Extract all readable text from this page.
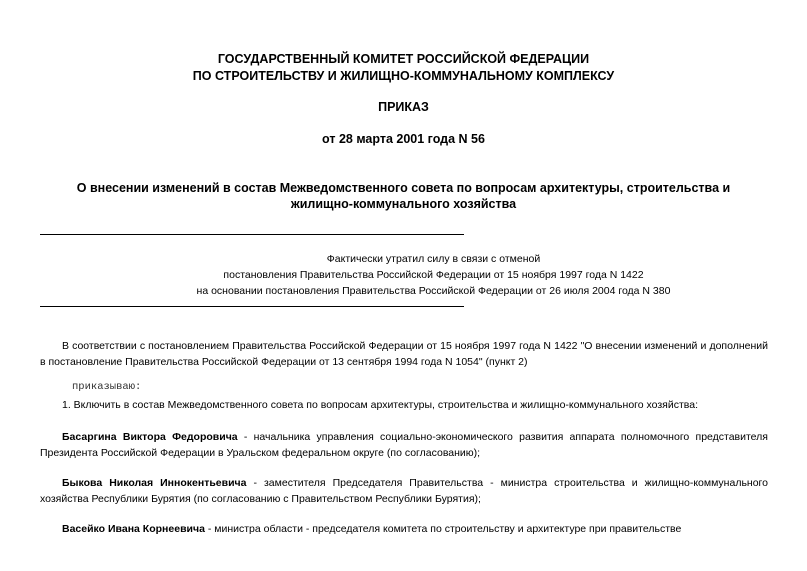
ГОСУДАРСТВЕННЫЙ КОМИТЕТ РОССИЙСКОЙ ФЕДЕРАЦИИ
ПО СТРОИТЕЛЬСТВУ И ЖИЛИЩНО-КОММУНАЛЬНОМУ КОМПЛЕКСУ
ПРИКАЗ
от 28 марта 2001 года N 56
О внесении изменений в состав Межведомственного совета по вопросам архитектуры, строительства и
жилищно-коммунального хозяйства
Фактически утратил силу в связи с отменой
постановления Правительства Российской Федерации от 15 ноября 1997 года N 1422
на основании постановления Правительства Российской Федерации от 26 июля 2004 года N 380
В соответствии с постановлением Правительства Российской Федерации от 15 ноября 1997 года N 1422 "О внесении изменений и дополнений в постановление Правительства Российской Федерации от 13 сентября 1994 года N 1054" (пункт 2)
приказываю:
1. Включить в состав Межведомственного совета по вопросам архитектуры, строительства и жилищно-коммунального хозяйства:
Басаргина Виктора Федоровича - начальника управления социально-экономического развития аппарата полномочного представителя Президента Российской Федерации в Уральском федеральном округе (по согласованию);
Быкова Николая Иннокентьевича - заместителя Председателя Правительства - министра строительства и жилищно-коммунального хозяйства Республики Бурятия (по согласованию с Правительством Республики Бурятия);
Васейко Ивана Корнеевича - министра области - председателя комитета по строительству и архитектуре при правительстве
